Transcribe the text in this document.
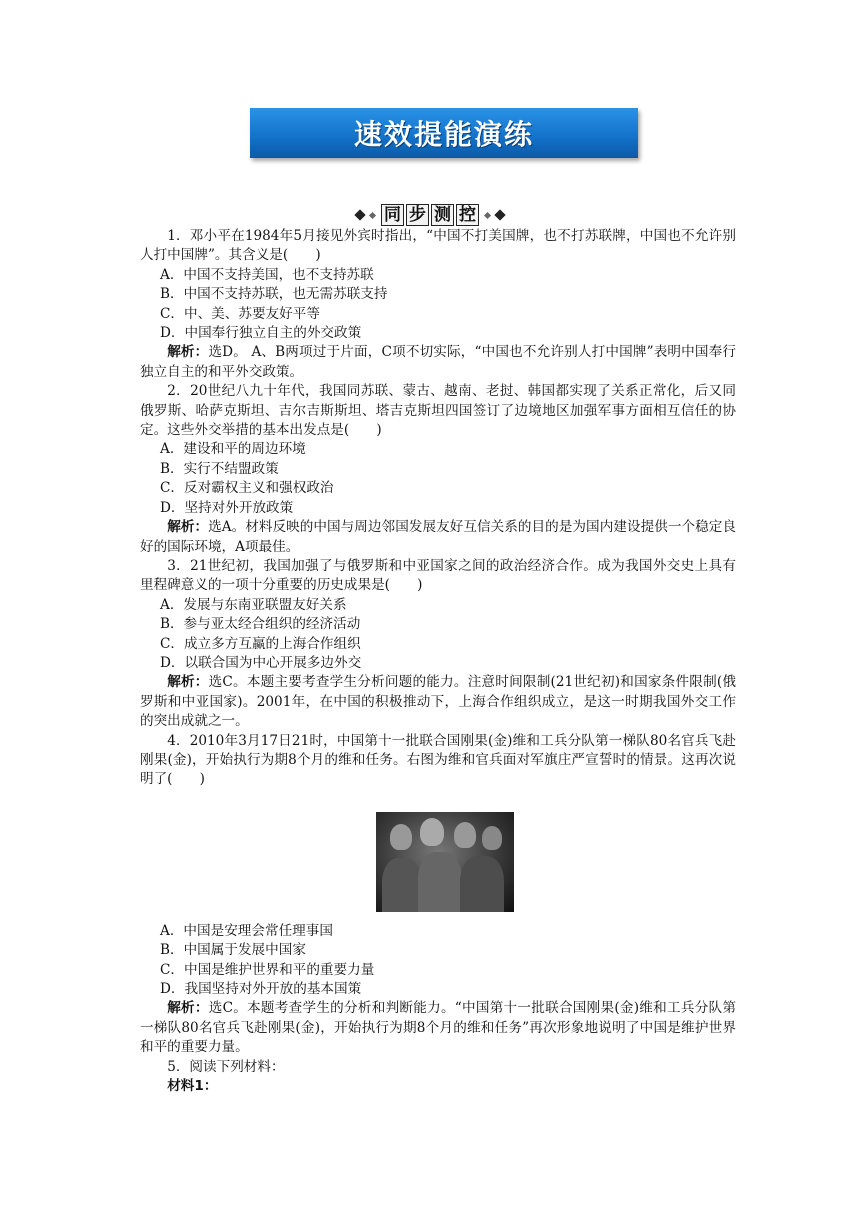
速效提能演练
同 步 测 控

1．邓小平在1984年5月接见外宾时指出，“中国不打美国牌，也不打苏联牌，中国也不允许别人打中国牌”。其含义是(　　)

A．中国不支持美国，也不支持苏联

B．中国不支持苏联，也无需苏联支持

C．中、美、苏要友好平等

D．中国奉行独立自主的外交政策

解析：选D。 A、B两项过于片面，C项不切实际，“中国也不允许别人打中国牌”表明中国奉行独立自主的和平外交政策。

2．20世纪八九十年代，我国同苏联、蒙古、越南、老挝、韩国都实现了关系正常化，后又同俄罗斯、哈萨克斯坦、吉尔吉斯斯坦、塔吉克斯坦四国签订了边境地区加强军事方面相互信任的协定。这些外交举措的基本出发点是(　　)

A．建设和平的周边环境

B．实行不结盟政策

C．反对霸权主义和强权政治

D．坚持对外开放政策

解析：选A。材料反映的中国与周边邻国发展友好互信关系的目的是为国内建设提供一个稳定良好的国际环境，A项最佳。

3．21世纪初，我国加强了与俄罗斯和中亚国家之间的政治经济合作。成为我国外交史上具有里程碑意义的一项十分重要的历史成果是(　　)

A．发展与东南亚联盟友好关系

B．参与亚太经合组织的经济活动

C．成立多方互赢的上海合作组织

D．以联合国为中心开展多边外交

解析：选C。本题主要考查学生分析问题的能力。注意时间限制(21世纪初)和国家条件限制(俄罗斯和中亚国家)。2001年，在中国的积极推动下，上海合作组织成立，是这一时期我国外交工作的突出成就之一。

4．2010年3月17日21时，中国第十一批联合国刚果(金)维和工兵分队第一梯队80名官兵飞赴刚果(金)，开始执行为期8个月的维和任务。右图为维和官兵面对军旗庄严宣誓时的情景。这再次说明了(　　)

A．中国是安理会常任理事国

B．中国属于发展中国家

C．中国是维护世界和平的重要力量

D．我国坚持对外开放的基本国策

解析：选C。本题考查学生的分析和判断能力。“中国第十一批联合国刚果(金)维和工兵分队第一梯队80名官兵飞赴刚果(金)，开始执行为期8个月的维和任务”再次形象地说明了中国是维护世界和平的重要力量。

5．阅读下列材料：

材料1：
